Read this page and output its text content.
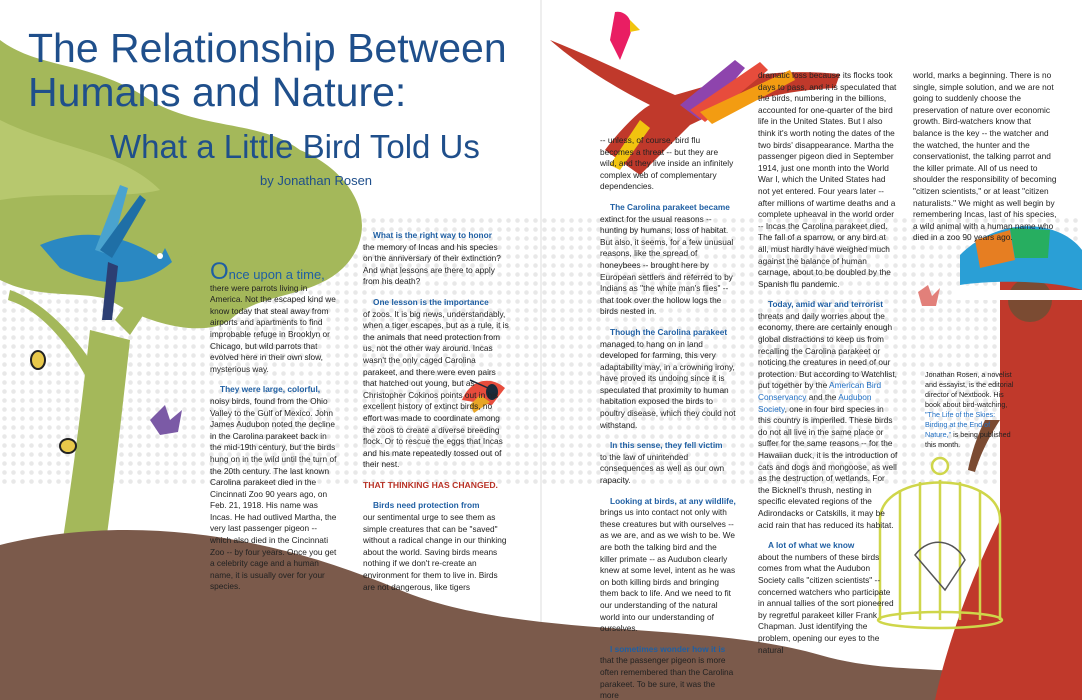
The Relationship Between
Humans and Nature:
What a Little Bird Told Us
by Jonathan Rosen

Once upon a time,
there were parrots living in America. Not the escaped kind we know today that steal away from airports and apartments to find improbable refuge in Brooklyn or Chicago, but wild parrots that evolved here in their own slow, mysterious way.

They were large, colorful,
noisy birds, found from the Ohio Valley to the Gulf of Mexico. John James Audubon noted the decline in the Carolina parakeet back in the mid-19th century, but the birds hung on in the wild until the turn of the 20th century. The last known Carolina parakeet died in the Cincinnati Zoo 90 years ago, on Feb. 21, 1918. His name was Incas. He had outlived Martha, the very last passenger pigeon -- which also died in the Cincinnati Zoo -- by four years. Once you get a celebrity cage and a human name, it is usually over for your species.

What is the right way to honor
the memory of Incas and his species on the anniversary of their extinction? And what lessons are there to apply from his death?

One lesson is the importance
of zoos. It is big news, understandably, when a tiger escapes, but as a rule, it is the animals that need protection from us, not the other way around. Incas wasn't the only caged Carolina parakeet, and there were even pairs that hatched out young, but as Christopher Cokinos points out in his excellent history of extinct birds, no effort was made to coordinate among the zoos to create a diverse breeding flock. Or to rescue the eggs that Incas and his mate repeatedly tossed out of their nest.

THAT THINKING HAS CHANGED.

Birds need protection from
our sentimental urge to see them as simple creatures that can be "saved" without a radical change in our thinking about the world. Saving birds means nothing if we don't re-create an environment for them to live in. Birds are not dangerous, like tigers

-- unless, of course, bird flu becomes a threat -- but they are wild, and they live inside an infinitely complex web of complementary dependencies.

The Carolina parakeet became
extinct for the usual reasons -- hunting by humans, loss of habitat. But also, it seems, for a few unusual reasons, like the spread of honeybees -- brought here by European settlers and referred to by Indians as "the white man's flies" -- that took over the hollow logs the birds nested in.

Though the Carolina parakeet
managed to hang on in land developed for farming, this very adaptability may, in a crowning irony, have proved its undoing since it is speculated that proximity to human habitation exposed the birds to poultry disease, which they could not withstand.

In this sense, they fell victim
to the law of unintended consequences as well as our own rapacity.

Looking at birds, at any wildlife,
brings us into contact not only with these creatures but with ourselves -- as we are, and as we wish to be. We are both the talking bird and the killer primate -- as Audubon clearly knew at some level, intent as he was on both killing birds and bringing them back to life. And we need to fit our understanding of the natural world into our understanding of ourselves.

I sometimes wonder how it is
that the passenger pigeon is more often remembered than the Carolina parakeet. To be sure, it was the more

dramatic loss because its flocks took days to pass, and it is speculated that the birds, numbering in the billions, accounted for one-quarter of the bird life in the United States. But I also think it's worth noting the dates of the two birds' disappearance. Martha the passenger pigeon died in September 1914, just one month into the World War I, which the United States had not yet entered. Four years later -- after millions of wartime deaths and a complete upheaval in the world order -- Incas the Carolina parakeet died. The fall of a sparrow, or any bird at all, must hardly have weighed much against the balance of human carnage, about to be doubled by the Spanish flu pandemic.

Today, amid war and terrorist
threats and daily worries about the economy, there are certainly enough global distractions to keep us from recalling the Carolina parakeet or noticing the creatures in need of our protection. But according to Watchlist, put together by the American Bird Conservancy and the Audubon Society, one in four bird species in this country is imperiled. These birds do not all live in the same place or suffer for the same reasons -- for the Hawaiian duck, it is the introduction of cats and dogs and mongoose, as well as the destruction of wetlands. For the Bicknell's thrush, nesting in specific elevated regions of the Adirondacks or Catskills, it may be acid rain that has reduced its habitat.

A lot of what we know
about the numbers of these birds comes from what the Audubon Society calls "citizen scientists" -- concerned watchers who participate in annual tallies of the sort pioneered by regretful parakeet killer Frank Chapman. Just identifying the problem, opening our eyes to the natural

world, marks a beginning. There is no single, simple solution, and we are not going to suddenly choose the preservation of nature over economic growth. Bird-watchers know that balance is the key -- the watcher and the watched, the hunter and the conservationist, the talking parrot and the killer primate. All of us need to shoulder the responsibility of becoming "citizen scientists," or at least "citizen naturalists." We might as well begin by remembering Incas, last of his species, a wild animal with a human name who died in a zoo 90 years ago.

Jonathan Rosen, a novelist and essayist, is the editorial director of Nextbook. His book about bird-watching, "The Life of the Skies: Birding at the End of Nature," is being published this month.
